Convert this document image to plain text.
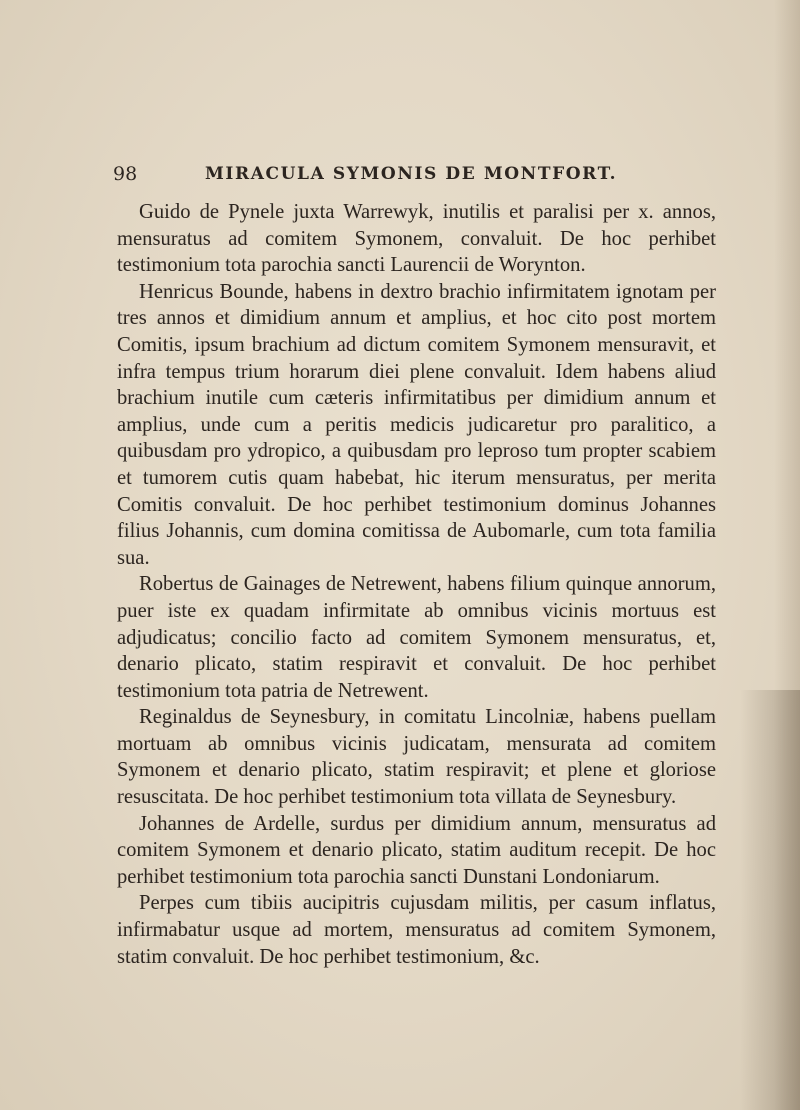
98	MIRACULA SYMONIS DE MONTFORT.

Guido de Pynele juxta Warrewyk, inutilis et paralisi per x. annos, mensuratus ad comitem Symonem, convaluit. De hoc perhibet testimonium tota parochia sancti Laurencii de Worynton.

Henricus Bounde, habens in dextro brachio infirmitatem ignotam per tres annos et dimidium annum et amplius, et hoc cito post mortem Comitis, ipsum brachium ad dictum comitem Symonem mensuravit, et infra tempus trium horarum diei plene convaluit. Idem habens aliud brachium inutile cum cæteris infirmitatibus per dimidium annum et amplius, unde cum a peritis medicis judicaretur pro paralitico, a quibusdam pro ydropico, a quibusdam pro leproso tum propter scabiem et tumorem cutis quam habebat, hic iterum mensuratus, per merita Comitis convaluit. De hoc perhibet testimonium dominus Johannes filius Johannis, cum domina comitissa de Aubomarle, cum tota familia sua.

Robertus de Gainages de Netrewent, habens filium quinque annorum, puer iste ex quadam infirmitate ab omnibus vicinis mortuus est adjudicatus; concilio facto ad comitem Symonem mensuratus, et, denario plicato, statim respiravit et convaluit. De hoc perhibet testimonium tota patria de Netrewent.

Reginaldus de Seynesbury, in comitatu Lincolniæ, habens puellam mortuam ab omnibus vicinis judicatam, mensurata ad comitem Symonem et denario plicato, statim respiravit; et plene et gloriose resuscitata. De hoc perhibet testimonium tota villata de Seynesbury.

Johannes de Ardelle, surdus per dimidium annum, mensuratus ad comitem Symonem et denario plicato, statim auditum recepit. De hoc perhibet testimonium tota parochia sancti Dunstani Londoniarum.

Perpes cum tibiis aucipitris cujusdam militis, per casum inflatus, infirmabatur usque ad mortem, mensuratus ad comitem Symonem, statim convaluit. De hoc perhibet testimonium, &c.
